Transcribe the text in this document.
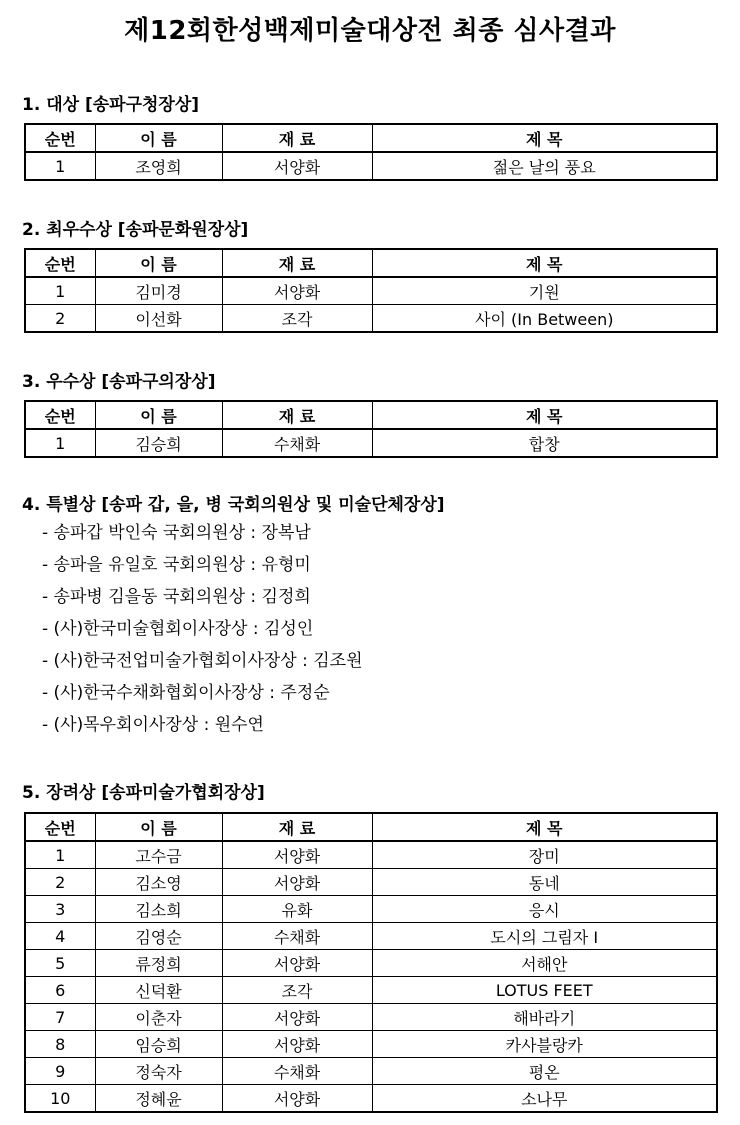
제12회한성백제미술대상전 최종 심사결과
1. 대상 [송파구청장상]
순번	이 름	재 료	제 목
1	조영희	서양화	젊은 날의 풍요
2. 최우수상 [송파문화원장상]
순번	이 름	재 료	제 목
1	김미경	서양화	기원
2	이선화	조각	사이 (In Between)
3. 우수상 [송파구의장상]
순번	이 름	재 료	제 목
1	김승희	수채화	합창
4. 특별상 [송파 갑, 을, 병 국회의원상 및 미술단체장상]
- 송파갑 박인숙 국회의원상 : 장복남
- 송파을 유일호 국회의원상 : 유형미
- 송파병 김을동 국회의원상 : 김정희
- (사)한국미술협회이사장상 : 김성인
- (사)한국전업미술가협회이사장상 : 김조원
- (사)한국수채화협회이사장상 : 주정순
- (사)목우회이사장상 : 원수연
5. 장려상 [송파미술가협회장상]
순번	이 름	재 료	제 목
1	고수금	서양화	장미
2	김소영	서양화	동네
3	김소희	유화	응시
4	김영순	수채화	도시의 그림자 Ⅰ
5	류정희	서양화	서해안
6	신덕환	조각	LOTUS FEET
7	이춘자	서양화	해바라기
8	임승희	서양화	카사블랑카
9	정숙자	수채화	평온
10	정혜윤	서양화	소나무
